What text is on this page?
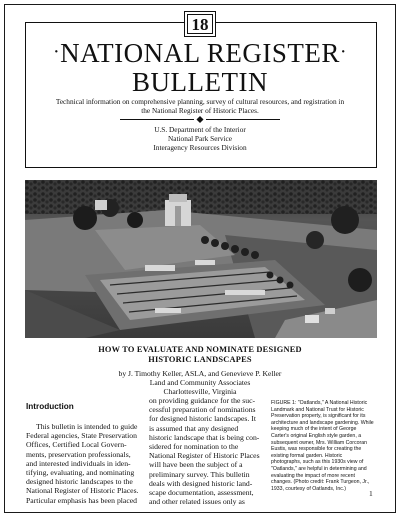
18
·NATIONAL REGISTER·
BULLETIN
Technical information on comprehensive planning, survey of cultural resources, and registration in
the National Register of Historic Places.
U.S. Department of the Interior
National Park Service
Interagency Resources Division
HOW TO EVALUATE AND NOMINATE DESIGNED
HISTORIC LANDSCAPES
by J. Timothy Keller, ASLA, and Genevieve P. Keller
Land and Community Associates
Charlottesville, Virginia
Introduction
This bulletin is intended to guide
Federal agencies, State Preservation
Offices, Certified Local Govern-
ments, preservation professionals,
and interested individuals in iden-
tifying, evaluating, and nominating
designed historic landscapes to the
National Register of Historic Places.
Particular emphasis has been placed
on providing guidance for the suc-
cessful preparation of nominations
for designed historic landscapes. It
is assumed that any designed
historic landscape that is being con-
sidered for nomination to the
National Register of Historic Places
will have been the subject of a
preliminary survey. This bulletin
deals with designed historic land-
scape documentation, assessment,
and other related issues only as
FIGURE 1: "Oatlands," A National Historic
Landmark and National Trust for Historic
Preservation property, is significant for its
architecture and landscape gardening. While
keeping much of the intent of George
Carter's original English style garden, a
subsequent owner, Mrs. William Corcoran
Eustis, was responsible for creating the
existing formal garden. Historic
photographs, such as this 1930s view of
"Oatlands," are helpful in determining and
evaluating the impact of more recent
changes. (Photo credit: Frank Turgeon, Jr.,
1933, courtesy of Oatlands, Inc.)
1
